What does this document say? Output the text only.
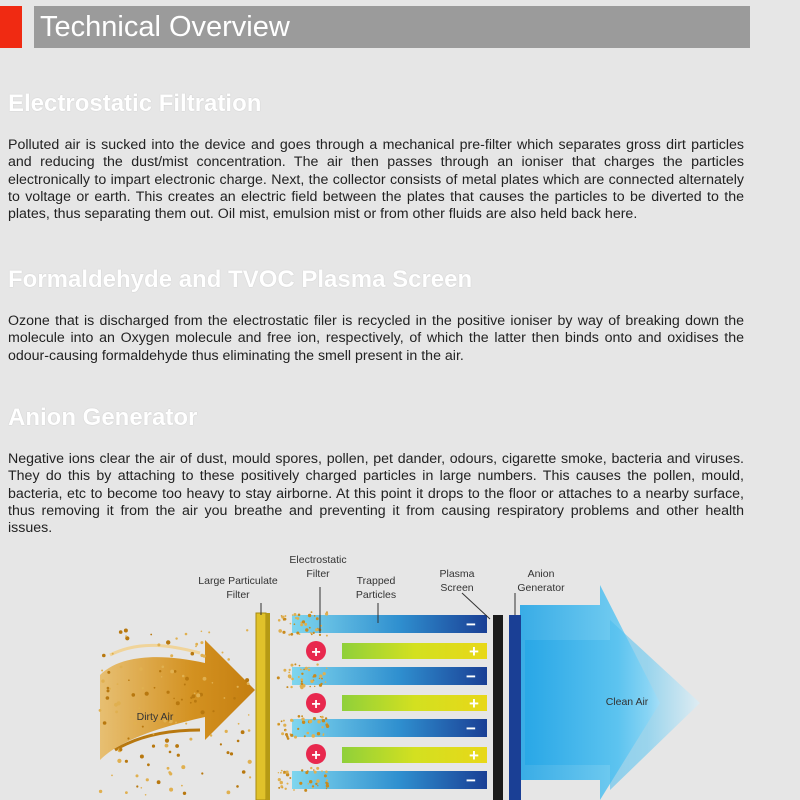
Technical Overview
Electrostatic Filtration

Polluted air is sucked into the device and goes through a mechanical pre-filter which separates gross dirt particles and reducing the dust/mist concentration. The air then passes through an ioniser that charges the particles electronically to impart electronic charge. Next, the collector consists of metal plates which are connected alternately to voltage or earth. This creates an electric field between the plates that causes the particles to be diverted to the plates, thus separating them out. Oil mist, emulsion mist or from other fluids are also held back here.

Formaldehyde and TVOC Plasma Screen

Ozone that is discharged from the electrostatic filer is recycled in the positive ioniser by way of breaking down the molecule into an Oxygen molecule and free ion, respectively, of which the latter then binds onto and oxidises the odour-causing formaldehyde thus eliminating the smell present in the air.

Anion Generator

Negative ions clear the air of dust, mould spores, pollen, pet dander, odours, cigarette smoke, bacteria and viruses. They do this by attaching to these positively charged particles in large numbers. This causes the pollen, mould, bacteria, etc to become too heavy to stay airborne. At this point it drops to the floor or attaches to a nearby surface, thus removing it from the air you breathe and preventing it from causing respiratory problems and other health issues.

−
+
−
+
−
+
−
+
+
+
Large Particulate
Filter
Electrostatic
Filter
Trapped
Particles
Plasma
Screen
Anion
Generator
Dirty Air
Clean Air
